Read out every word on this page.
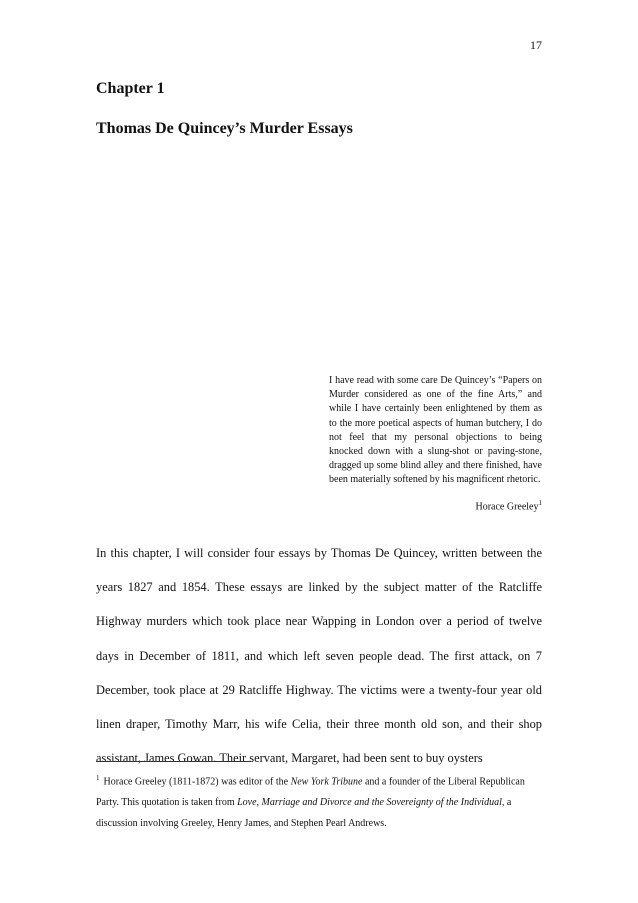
17
Chapter 1
Thomas De Quincey’s Murder Essays

I have read with some care De Quincey’s “Papers on Murder considered as one of the fine Arts,” and while I have certainly been enlightened by them as to the more poetical aspects of human butchery, I do not feel that my personal objections to being knocked down with a slung-shot or paving-stone, dragged up some blind alley and there finished, have been materially softened by his magnificent rhetoric.

Horace Greeley$^1$

In this chapter, I will consider four essays by Thomas De Quincey, written between the years 1827 and 1854. These essays are linked by the subject matter of the Ratcliffe Highway murders which took place near Wapping in London over a period of twelve days in December of 1811, and which left seven people dead. The first attack, on 7 December, took place at 29 Ratcliffe Highway. The victims were a twenty-four year old linen draper, Timothy Marr, his wife Celia, their three month old son, and their shop assistant, James Gowan. Their servant, Margaret, had been sent to buy oysters

$^1$ Horace Greeley (1811-1872) was editor of the New York Tribune and a founder of the Liberal Republican Party. This quotation is taken from Love, Marriage and Divorce and the Sovereignty of the Individual, a discussion involving Greeley, Henry James, and Stephen Pearl Andrews.
